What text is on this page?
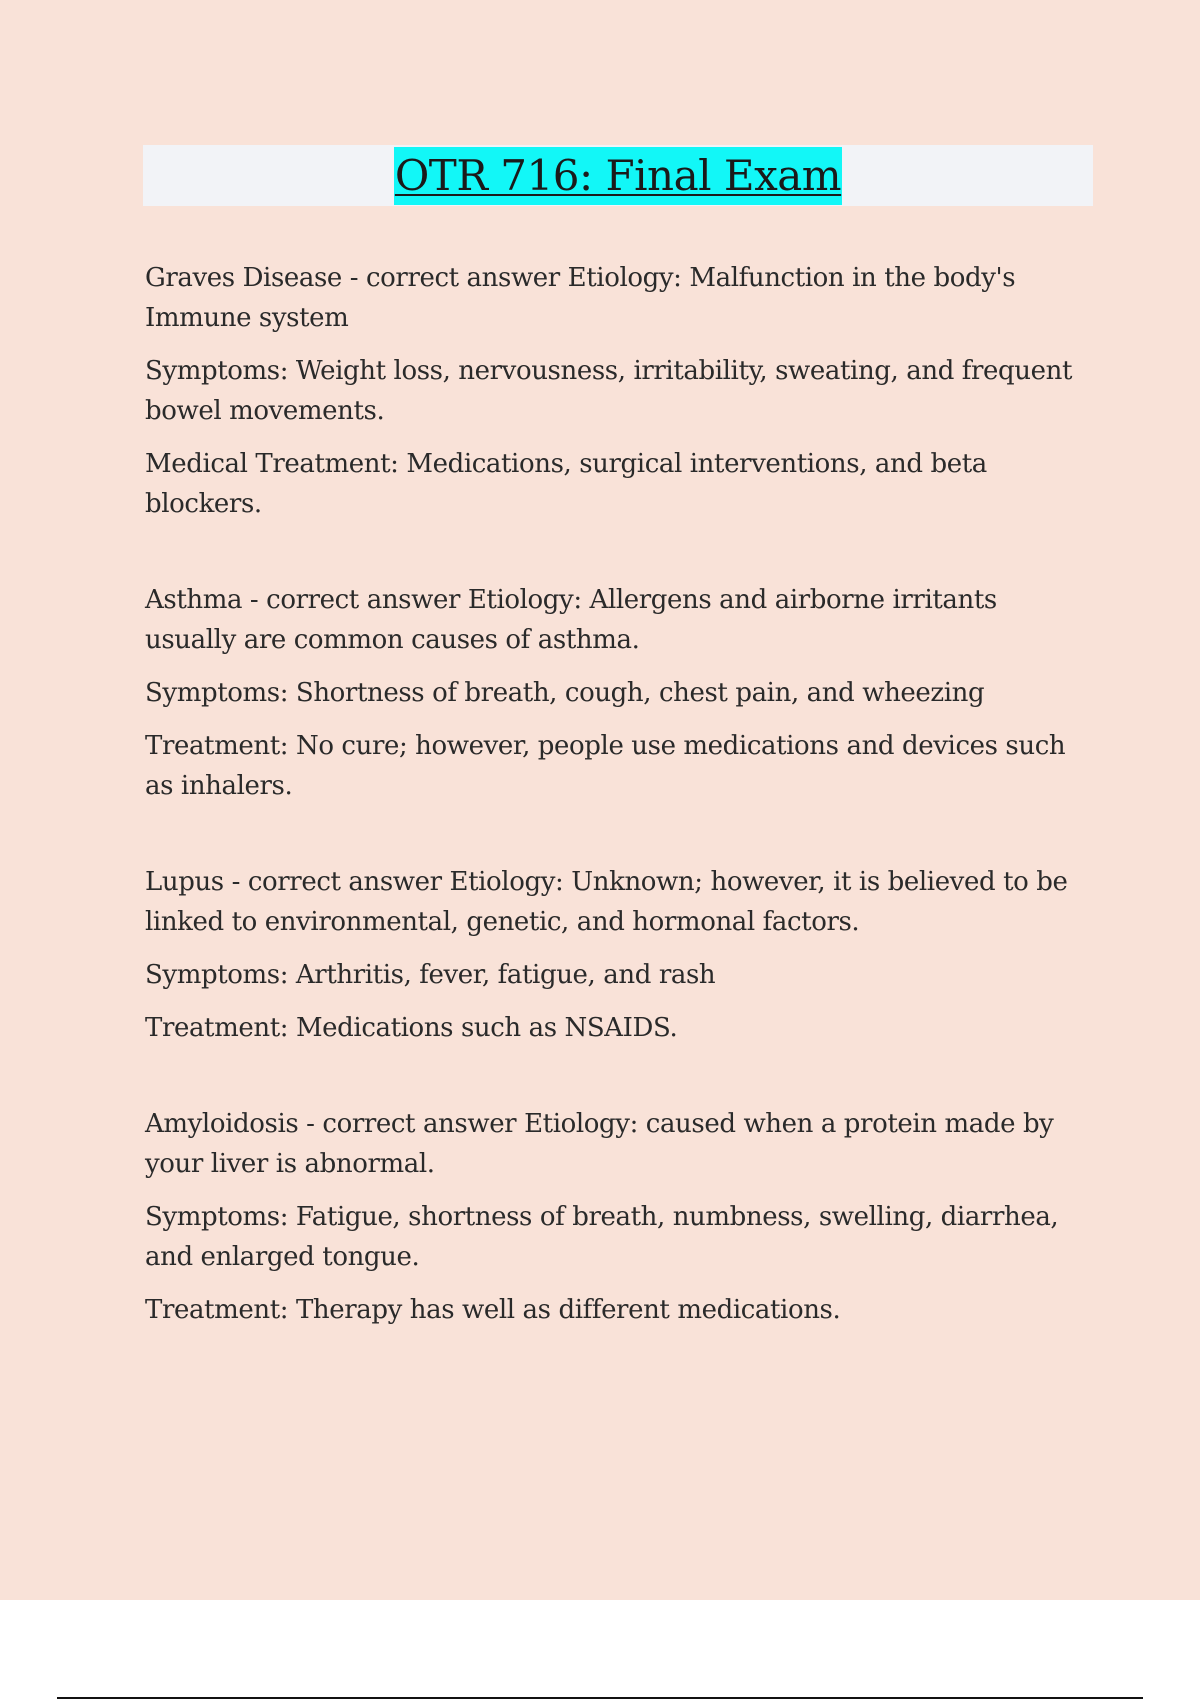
OTR 716: Final Exam

Graves Disease - correct answer Etiology: Malfunction in the body's Immune system

Symptoms: Weight loss, nervousness, irritability, sweating, and frequent bowel movements.

Medical Treatment: Medications, surgical interventions, and beta blockers.

Asthma - correct answer Etiology: Allergens and airborne irritants usually are common causes of asthma.

Symptoms: Shortness of breath, cough, chest pain, and wheezing

Treatment: No cure; however, people use medications and devices such as inhalers.

Lupus - correct answer Etiology: Unknown; however, it is believed to be linked to environmental, genetic, and hormonal factors.

Symptoms: Arthritis, fever, fatigue, and rash

Treatment: Medications such as NSAIDS.

Amyloidosis - correct answer Etiology: caused when a protein made by your liver is abnormal.

Symptoms: Fatigue, shortness of breath, numbness, swelling, diarrhea, and enlarged tongue.

Treatment: Therapy has well as different medications.
